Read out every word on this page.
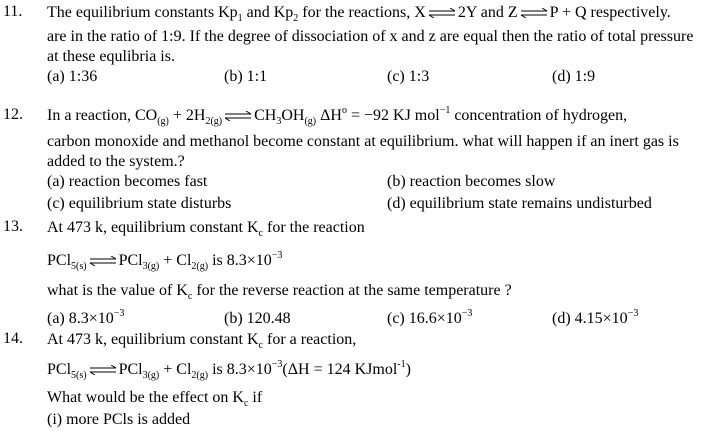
11. The equilibrium constants $Kp_1$ and $Kp_2$ for the reactions, X⇌2Y and Z⇌P + Q respectively.
are in the ratio of 1:9. If the degree of dissociation of x and z are equal then the ratio of total pressure
at these equlibria is.
(a) 1:36	(b) 1:1	(c) 1:3	(d) 1:9
12. In a reaction, $CO_{(g)}$ + $2H_{2(g)}\rightleftharpoons CH_3OH_{(g)}$ $\Delta H^o = -92$ KJ mol$^{-1}$ concentration of hydrogen,
carbon monoxide and methanol become constant at equilibrium. what will happen if an inert gas is
added to the system.?
(a) reaction becomes fast	(b) reaction becomes slow
(c) equilibrium state disturbs	(d) equilibrium state remains undisturbed
13. At 473 k, equilibrium constant $K_c$ for the reaction
PCl$_{5(s)}$⇌PCl$_{3(g)}$ + $Cl_{2(g)}$ is $8.3\times 10^{-3}$
what is the value of $K_c$ for the reverse reaction at the same temperature ?
(a) $8.3\times 10^{-3}$	(b) 120.48	(c) $16.6\times 10^{-3}$	(d) $4.15\times 10^{-3}$
14. At 473 k, equilibrium constant $K_c$ for a reaction,
PCl$_{5(s)}$⇌PCl$_{3(g)}$ + $Cl_{2(g)}$ is $8.3\times 10^{-3}(\Delta H = 124$ KJmol$^{-1}$)
What would be the effect on $K_c$ if
(i) more PCls is added
